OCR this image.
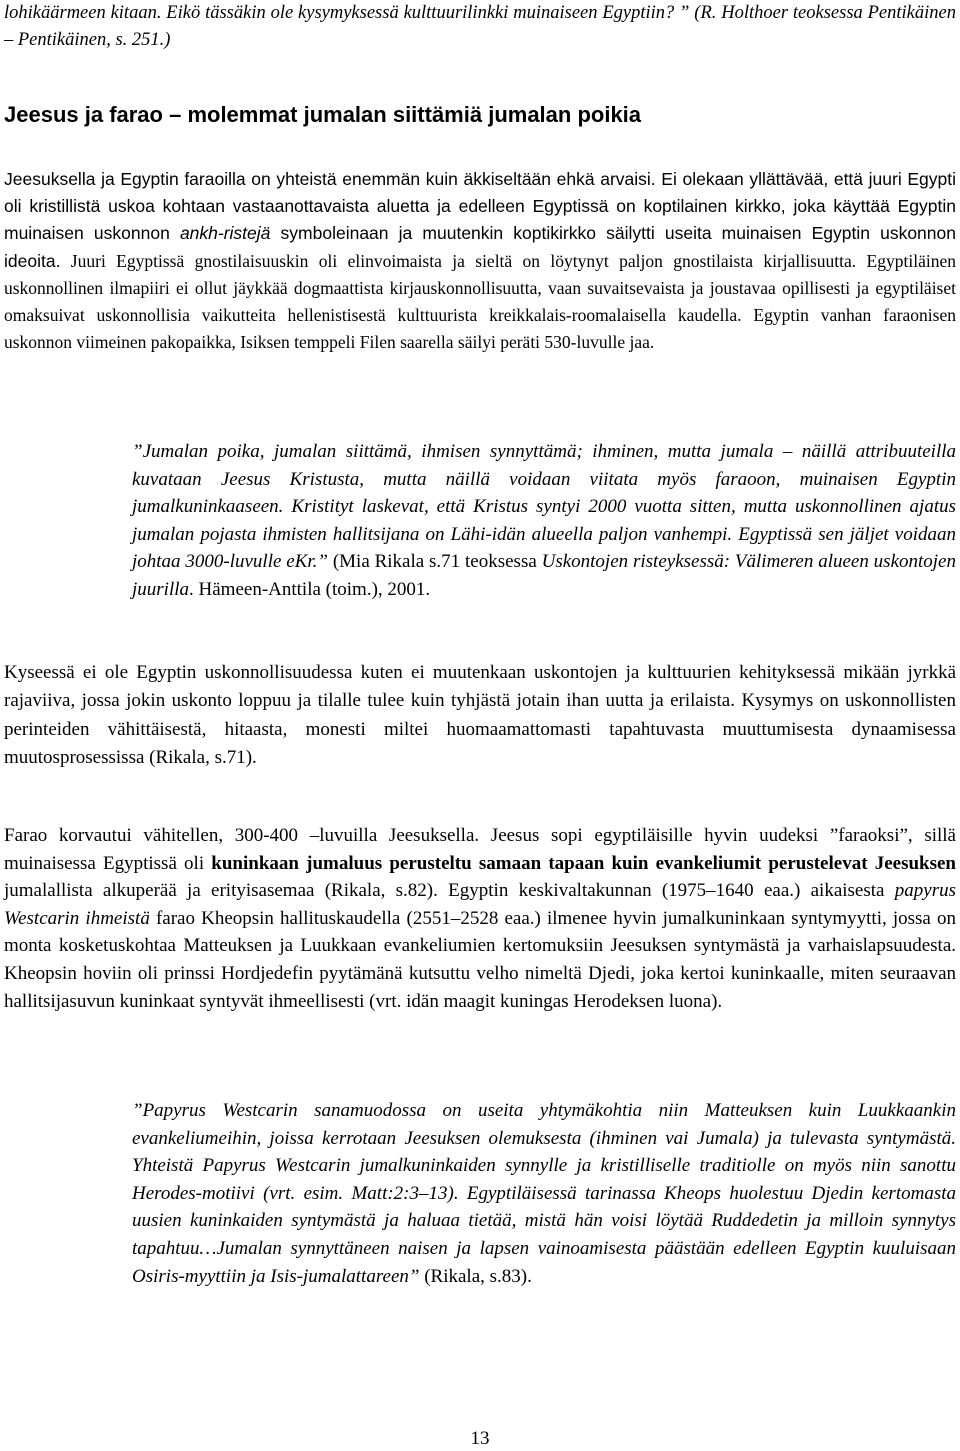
lohikäärmeen kitaan. Eikö tässäkin ole kysymyksessä kulttuurilinkki muinaiseen Egyptiin? ” (R. Holthoer teoksessa Pentikäinen – Pentikäinen, s. 251.)

Jeesus ja farao – molemmat jumalan siittämiä jumalan poikia

Jeesuksella ja Egyptin faraoilla on yhteistä enemmän kuin äkkiseltään ehkä arvaisi. Ei olekaan yllättävää, että juuri Egypti oli kristillistä uskoa kohtaan vastaanottavaista aluetta ja edelleen Egyptissä on koptilainen kirkko, joka käyttää Egyptin muinaisen uskonnon ankh-ristejä symboleinaan ja muutenkin koptikirkko säilytti useita muinaisen Egyptin uskonnon ideoita. Juuri Egyptissä gnostilaisuuskin oli elinvoimaista ja sieltä on löytynyt paljon gnostilaista kirjallisuutta. Egyptiläinen uskonnollinen ilmapiiri ei ollut jäykkää dogmaattista kirjauskonnollisuutta, vaan suvaitsevaista ja joustavaa opillisesti ja egyptiläiset omaksuivat uskonnollisia vaikutteita hellenistisestä kulttuurista kreikkalais-roomalaisella kaudella. Egyptin vanhan faraonisen uskonnon viimeinen pakopaikka, Isiksen temppeli Filen saarella säilyi peräti 530-luvulle jaa.

”Jumalan poika, jumalan siittämä, ihmisen synnyttämä; ihminen, mutta jumala – näillä attribuuteilla kuvataan Jeesus Kristusta, mutta näillä voidaan viitata myös faraoon, muinaisen Egyptin jumalkuninkaaseen. Kristityt laskevat, että Kristus syntyi 2000 vuotta sitten, mutta uskonnollinen ajatus jumalan pojasta ihmisten hallitsijana on Lähi-idän alueella paljon vanhempi. Egyptissä sen jäljet voidaan johtaa 3000-luvulle eKr.” (Mia Rikala s.71 teoksessa Uskontojen risteyksessä: Välimeren alueen uskontojen juurilla. Hämeen-Anttila (toim.), 2001.

Kyseessä ei ole Egyptin uskonnollisuudessa kuten ei muutenkaan uskontojen ja kulttuurien kehityksessä mikään jyrkkä rajaviiva, jossa jokin uskonto loppuu ja tilalle tulee kuin tyhjästä jotain ihan uutta ja erilaista. Kysymys on uskonnollisten perinteiden vähittäisestä, hitaasta, monesti miltei huomaamattomasti tapahtuvasta muuttumisesta dynaamisessa muutosprosessissa (Rikala, s.71).

Farao korvautui vähitellen, 300-400 –luvuilla Jeesuksella. Jeesus sopi egyptiläisille hyvin uudeksi ”faraoksi”, sillä muinaisessa Egyptissä oli kuninkaan jumaluus perusteltu samaan tapaan kuin evankeliumit perustelevat Jeesuksen jumalallista alkuperää ja erityisasemaa (Rikala, s.82). Egyptin keskivaltakunnan (1975–1640 eaa.) aikaisesta papyrus Westcarin ihmeistä farao Kheopsin hallituskaudella (2551–2528 eaa.) ilmenee hyvin jumalkuninkaan syntymyytti, jossa on monta kosketuskohtaa Matteuksen ja Luukkaan evankeliumien kertomuksiin Jeesuksen syntymästä ja varhaislapsuudesta. Kheopsin hoviin oli prinssi Hordjedefin pyytämänä kutsuttu velho nimeltä Djedi, joka kertoi kuninkaalle, miten seuraavan hallitsijasuvun kuninkaat syntyvät ihmeellisesti (vrt. idän maagit kuningas Herodeksen luona).

”Papyrus Westcarin sanamuodossa on useita yhtymäkohtia niin Matteuksen kuin Luukkaankin evankeliumeihin, joissa kerrotaan Jeesuksen olemuksesta (ihminen vai Jumala) ja tulevasta syntymästä. Yhteistä Papyrus Westcarin jumalkuninkaiden synnylle ja kristilliselle traditiolle on myös niin sanottu Herodes-motiivi (vrt. esim. Matt:2:3–13). Egyptiläisessä tarinassa Kheops huolestuu Djedin kertomasta uusien kuninkaiden syntymästä ja haluaa tietää, mistä hän voisi löytää Ruddedetin ja milloin synnytys tapahtuu…Jumalan synnyttäneen naisen ja lapsen vainoamisesta päästään edelleen Egyptin kuuluisaan Osiris-myyttiin ja Isis-jumalattareen” (Rikala, s.83).

13
